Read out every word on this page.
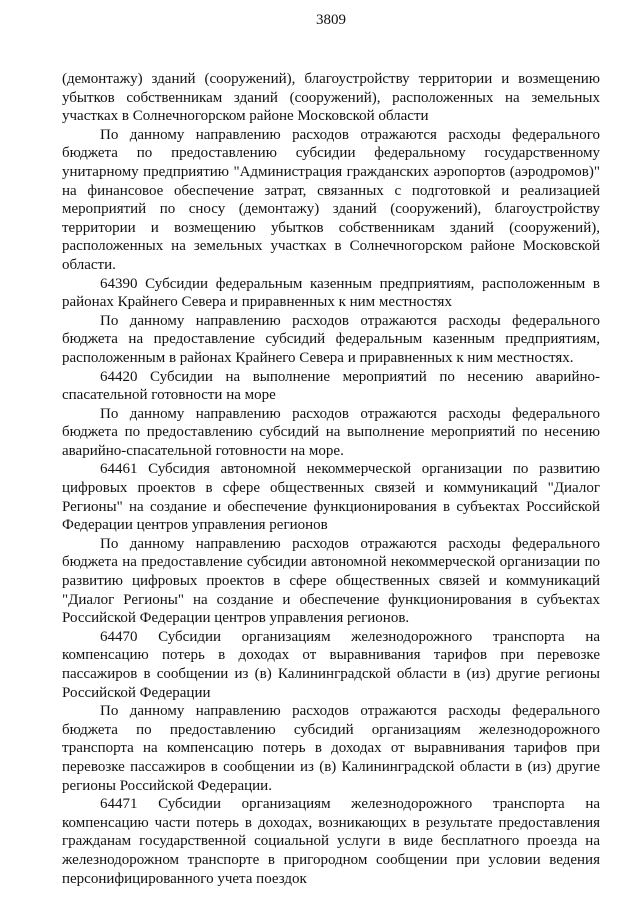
3809

(демонтажу) зданий (сооружений), благоустройству территории и возмещению убытков собственникам зданий (сооружений), расположенных на земельных участках в Солнечногорском районе Московской области

По данному направлению расходов отражаются расходы федерального бюджета по предоставлению субсидии федеральному государственному унитарному предприятию "Администрация гражданских аэропортов (аэродромов)" на финансовое обеспечение затрат, связанных с подготовкой и реализацией мероприятий по сносу (демонтажу) зданий (сооружений), благоустройству территории и возмещению убытков собственникам зданий (сооружений), расположенных на земельных участках в Солнечногорском районе Московской области.

64390 Субсидии федеральным казенным предприятиям, расположенным в районах Крайнего Севера и приравненных к ним местностях

По данному направлению расходов отражаются расходы федерального бюджета на предоставление субсидий федеральным казенным предприятиям, расположенным в районах Крайнего Севера и приравненных к ним местностях.

64420 Субсидии на выполнение мероприятий по несению аварийно-спасательной готовности на море

По данному направлению расходов отражаются расходы федерального бюджета по предоставлению субсидий на выполнение мероприятий по несению аварийно-спасательной готовности на море.

64461 Субсидия автономной некоммерческой организации по развитию цифровых проектов в сфере общественных связей и коммуникаций "Диалог Регионы" на создание и обеспечение функционирования в субъектах Российской Федерации центров управления регионов

По данному направлению расходов отражаются расходы федерального бюджета на предоставление субсидии автономной некоммерческой организации по развитию цифровых проектов в сфере общественных связей и коммуникаций "Диалог Регионы" на создание и обеспечение функционирования в субъектах Российской Федерации центров управления регионов.

64470 Субсидии организациям железнодорожного транспорта на компенсацию потерь в доходах от выравнивания тарифов при перевозке пассажиров в сообщении из (в) Калининградской области в (из) другие регионы Российской Федерации

По данному направлению расходов отражаются расходы федерального бюджета по предоставлению субсидий организациям железнодорожного транспорта на компенсацию потерь в доходах от выравнивания тарифов при перевозке пассажиров в сообщении из (в) Калининградской области в (из) другие регионы Российской Федерации.

64471 Субсидии организациям железнодорожного транспорта на компенсацию части потерь в доходах, возникающих в результате предоставления гражданам государственной социальной услуги в виде бесплатного проезда на железнодорожном транспорте в пригородном сообщении при условии ведения персонифицированного учета поездок
